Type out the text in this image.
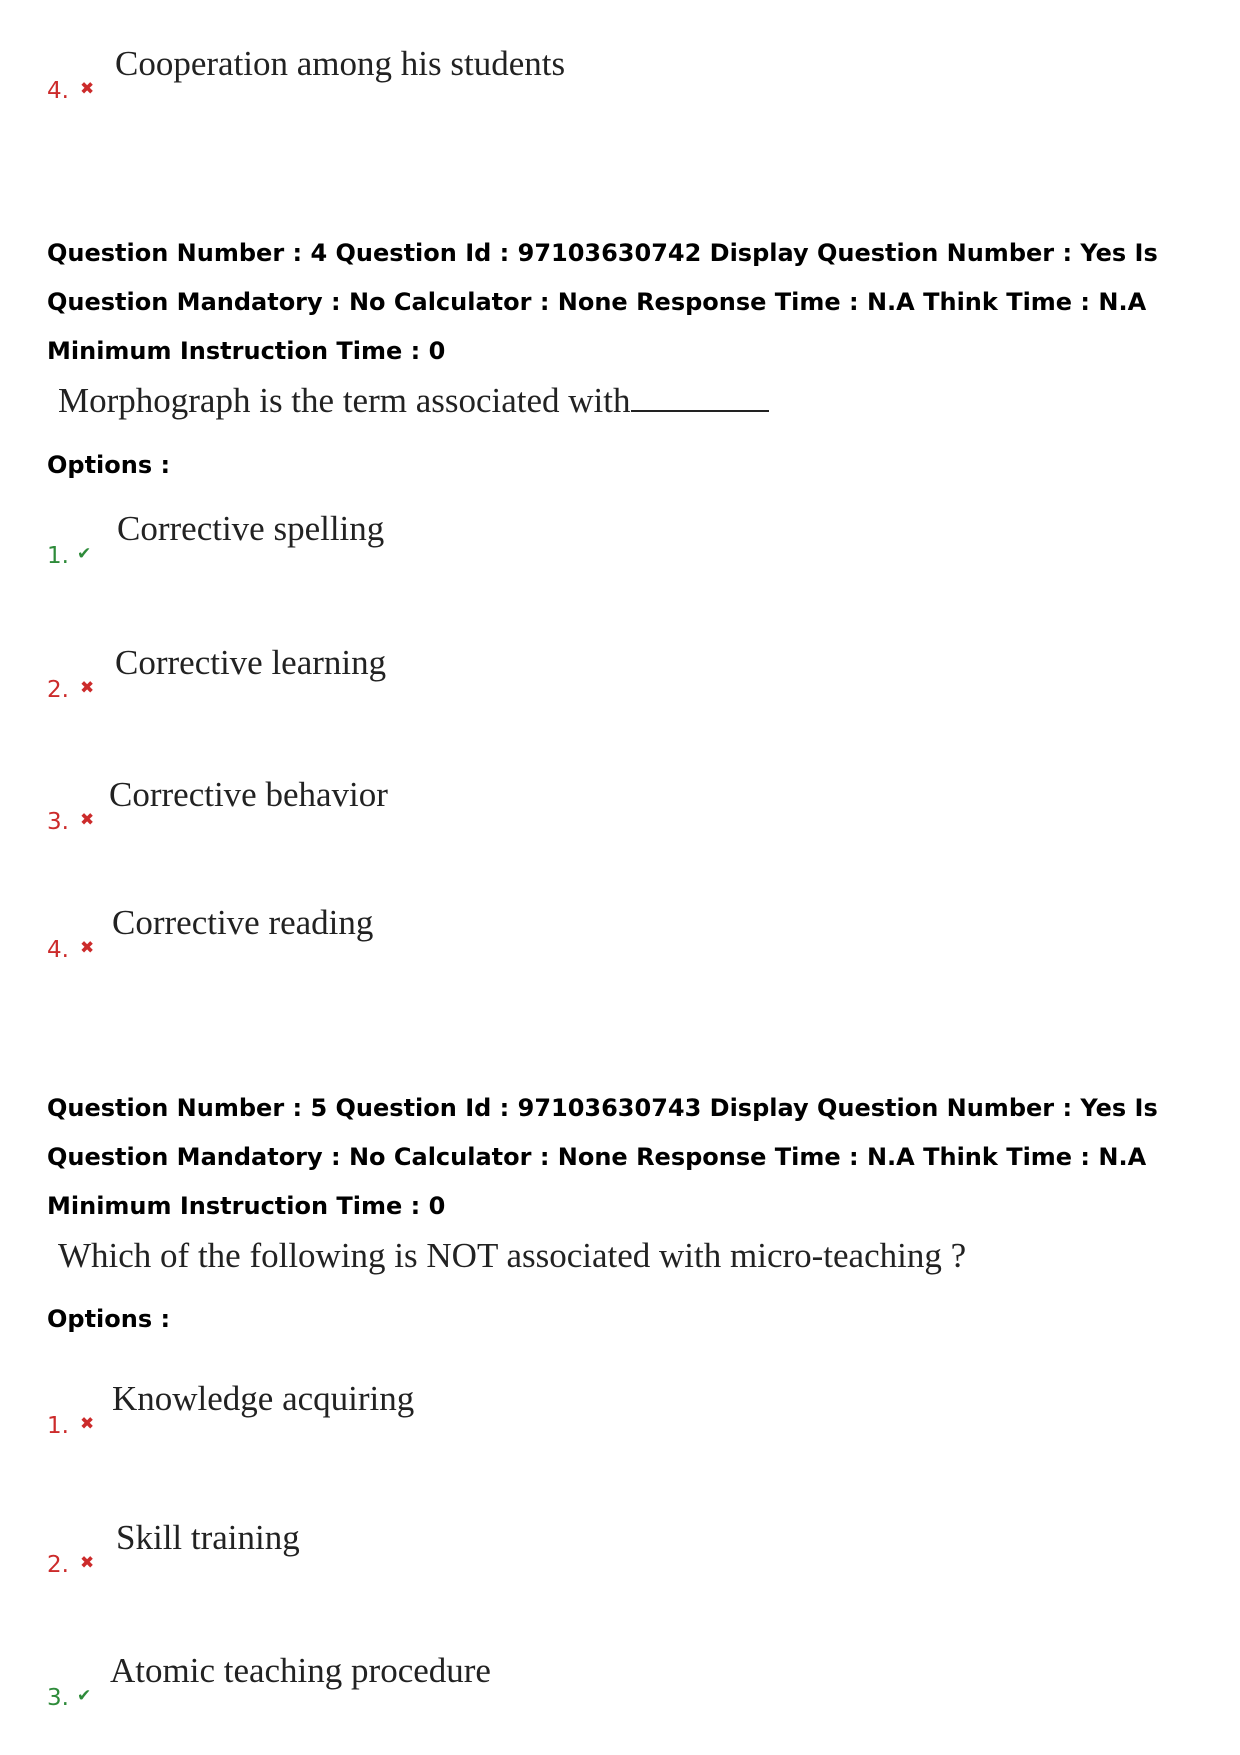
4. ✖
Cooperation among his students

Question Number : 4 Question Id : 97103630742 Display Question Number : Yes Is Question Mandatory : No Calculator : None Response Time : N.A Think Time : N.A Minimum Instruction Time : 0

Morphograph is the term associated with
Options :
1. ✔
Corrective spelling
2. ✖
Corrective learning
3. ✖
Corrective behavior
4. ✖
Corrective reading

Question Number : 5 Question Id : 97103630743 Display Question Number : Yes Is Question Mandatory : No Calculator : None Response Time : N.A Think Time : N.A Minimum Instruction Time : 0

Which of the following is NOT associated with micro-teaching ?
Options :
1. ✖
Knowledge acquiring
2. ✖
Skill training
3. ✔
Atomic teaching procedure
